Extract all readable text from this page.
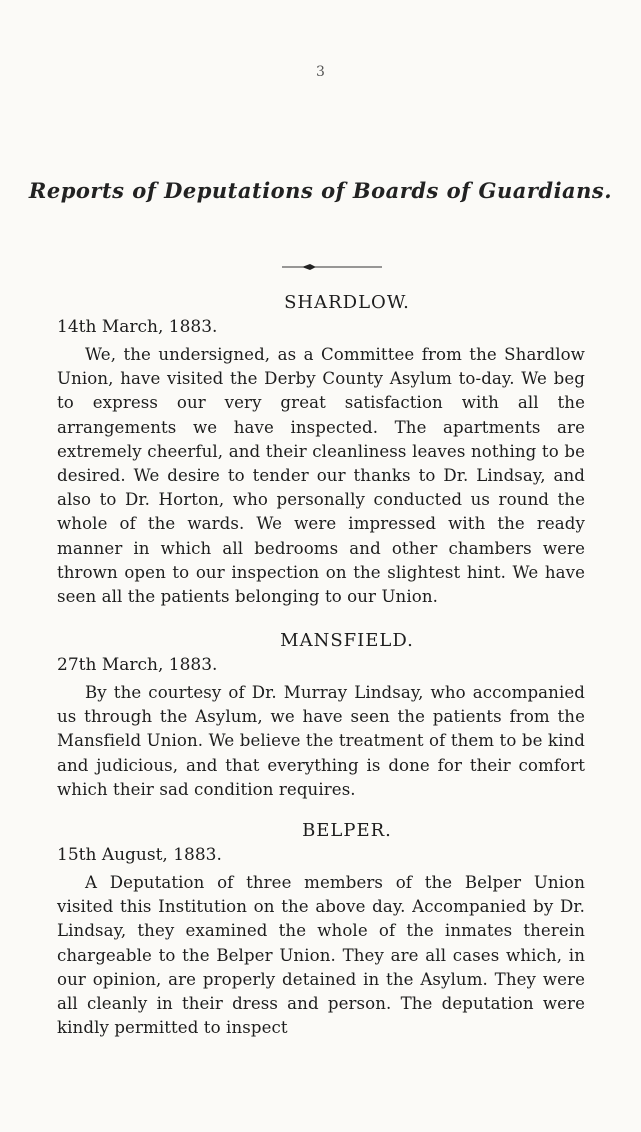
3
Reports of Deputations of Boards of Guardians.
SHARDLOW.
14th March, 1883.
We, the undersigned, as a Committee from the Shardlow Union, have visited the Derby County Asylum to-day. We beg to express our very great satisfaction with all the arrangements we have inspected. The apartments are extremely cheerful, and their cleanliness leaves nothing to be desired. We desire to tender our thanks to Dr. Lindsay, and also to Dr. Horton, who personally conducted us round the whole of the wards. We were impressed with the ready manner in which all bedrooms and other chambers were thrown open to our inspection on the slightest hint. We have seen all the patients belonging to our Union.
MANSFIELD.
27th March, 1883.
By the courtesy of Dr. Murray Lindsay, who accompanied us through the Asylum, we have seen the patients from the Mansfield Union. We believe the treatment of them to be kind and judicious, and that everything is done for their comfort which their sad condition requires.
BELPER.
15th August, 1883.
A Deputation of three members of the Belper Union visited this Institution on the above day. Accompanied by Dr. Lindsay, they examined the whole of the inmates therein chargeable to the Belper Union. They are all cases which, in our opinion, are properly detained in the Asylum. They were all cleanly in their dress and person. The deputation were kindly permitted to inspect
